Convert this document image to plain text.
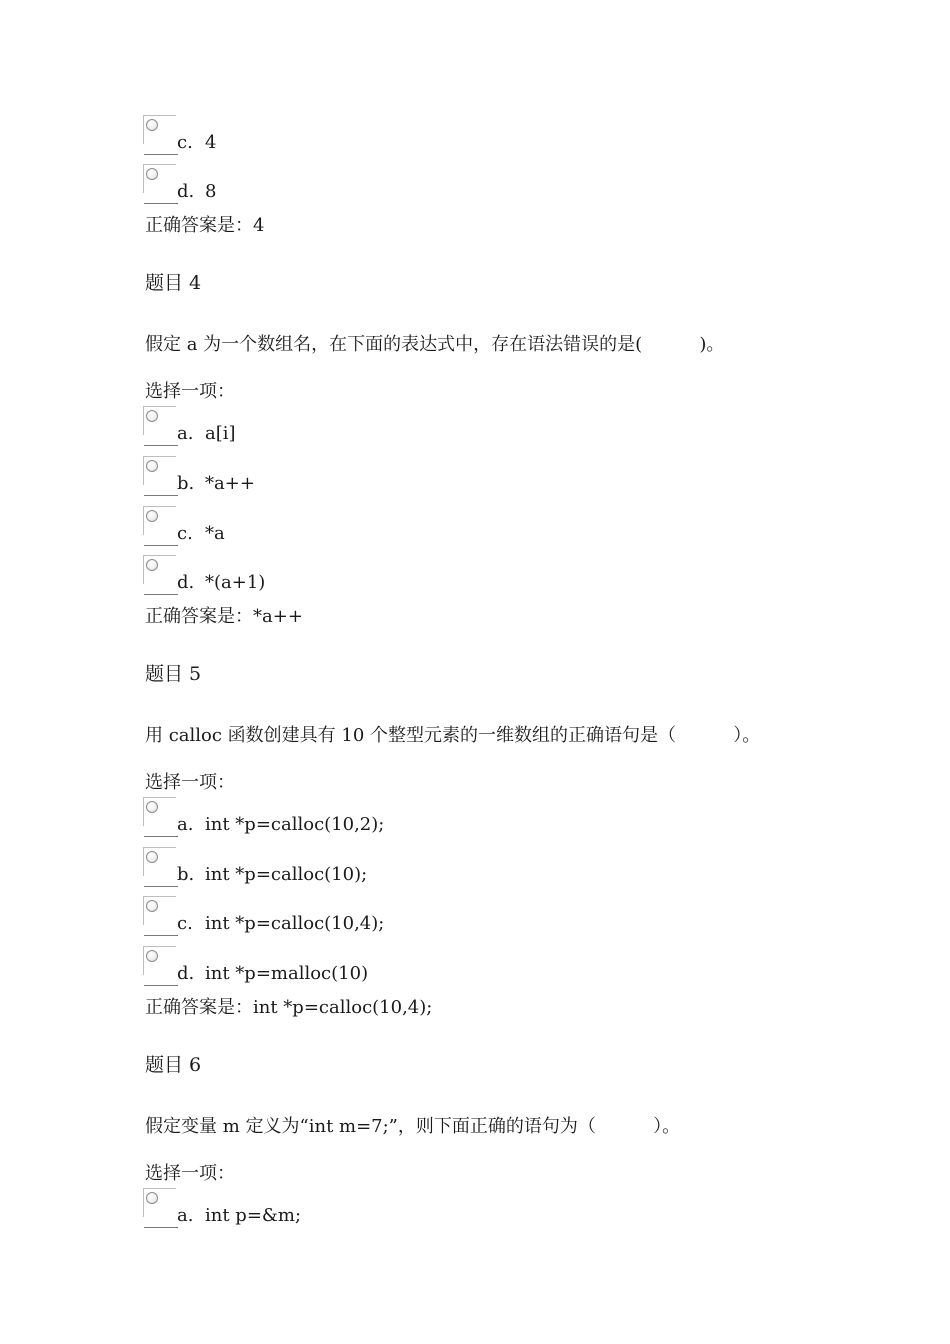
c. 4
d. 8
正确答案是：4
题目 4
假定 a 为一个数组名，在下面的表达式中，存在语法错误的是(          )。
选择一项：
a. a[i]
b. *a++
c. *a
d. *(a+1)
正确答案是：*a++
题目 5
用 calloc 函数创建具有 10 个整型元素的一维数组的正确语句是（          ）。
选择一项：
a. int *p=calloc(10,2);
b. int *p=calloc(10);
c. int *p=calloc(10,4);
d. int *p=malloc(10)
正确答案是：int *p=calloc(10,4);
题目 6
假定变量 m 定义为“int m=7;”，则下面正确的语句为（          ）。
选择一项：
a. int p=&m;
